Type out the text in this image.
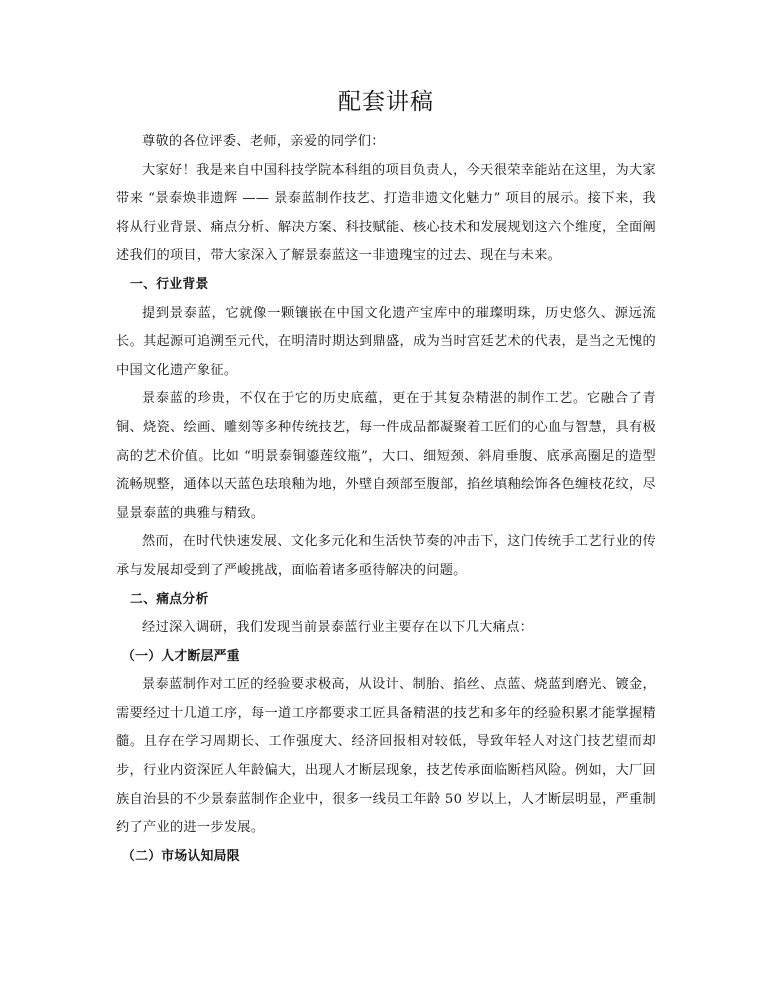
配套讲稿

尊敬的各位评委、老师，亲爱的同学们：

大家好！我是来自中国科技学院本科组的项目负责人，今天很荣幸能站在这里，为大家带来 “景泰焕非遗辉 —— 景泰蓝制作技艺、打造非遗文化魅力” 项目的展示。接下来，我将从行业背景、痛点分析、解决方案、科技赋能、核心技术和发展规划这六个维度，全面阐述我们的项目，带大家深入了解景泰蓝这一非遗瑰宝的过去、现在与未来。

一、行业背景

提到景泰蓝，它就像一颗镶嵌在中国文化遗产宝库中的璀璨明珠，历史悠久、源远流长。其起源可追溯至元代，在明清时期达到鼎盛，成为当时宫廷艺术的代表，是当之无愧的中国文化遗产象征。

景泰蓝的珍贵，不仅在于它的历史底蕴，更在于其复杂精湛的制作工艺。它融合了青铜、烧瓷、绘画、雕刻等多种传统技艺，每一件成品都凝聚着工匠们的心血与智慧，具有极高的艺术价值。比如 “明景泰铜鎏莲纹瓶”，大口、细短颈、斜肩垂腹、底承高圈足的造型流畅规整，通体以天蓝色珐琅釉为地，外壁自颈部至腹部，掐丝填釉绘饰各色缠枝花纹，尽显景泰蓝的典雅与精致。

然而，在时代快速发展、文化多元化和生活快节奏的冲击下，这门传统手工艺行业的传承与发展却受到了严峻挑战，面临着诸多亟待解决的问题。

二、痛点分析

经过深入调研，我们发现当前景泰蓝行业主要存在以下几大痛点：

（一）人才断层严重

景泰蓝制作对工匠的经验要求极高，从设计、制胎、掐丝、点蓝、烧蓝到磨光、镀金，需要经过十几道工序，每一道工序都要求工匠具备精湛的技艺和多年的经验积累才能掌握精髓。且存在学习周期长、工作强度大、经济回报相对较低，导致年轻人对这门技艺望而却步，行业内资深匠人年龄偏大，出现人才断层现象，技艺传承面临断档风险。例如，大厂回族自治县的不少景泰蓝制作企业中，很多一线员工年龄 50 岁以上，人才断层明显，严重制约了产业的进一步发展。

（二）市场认知局限
